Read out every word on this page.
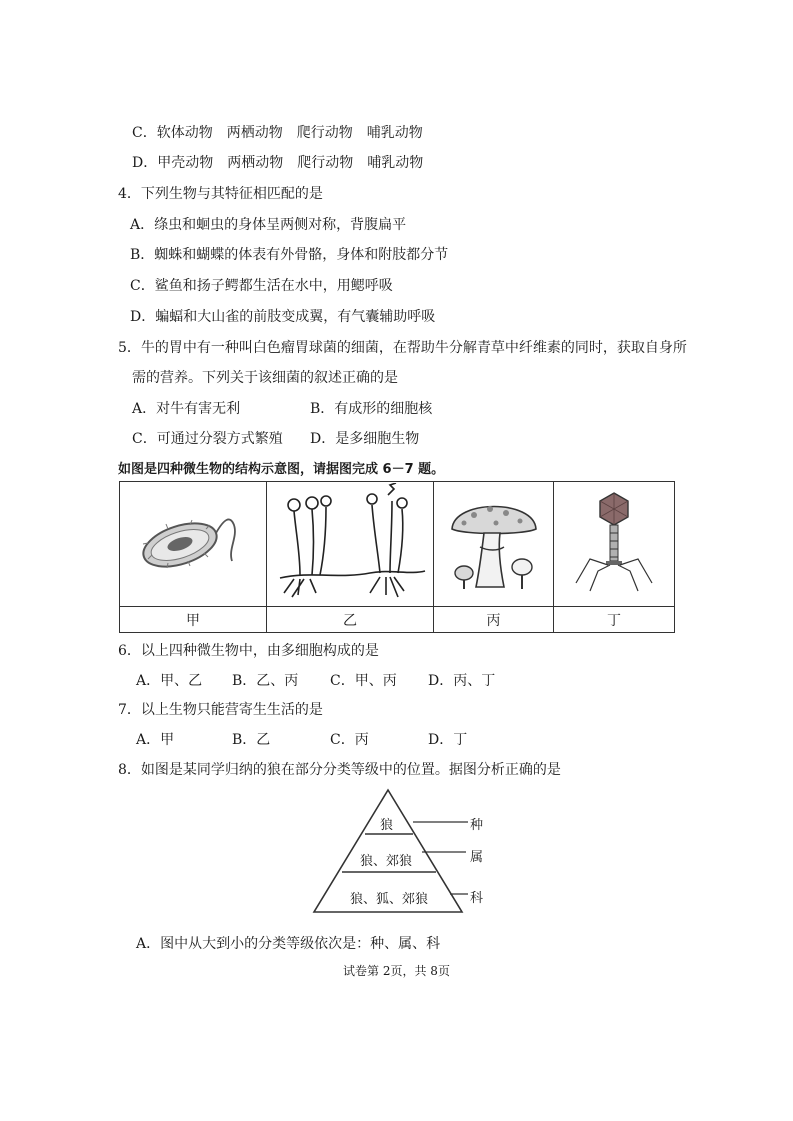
C．软体动物　两栖动物　爬行动物　哺乳动物
D．甲壳动物　两栖动物　爬行动物　哺乳动物
4．下列生物与其特征相匹配的是
A．绦虫和蛔虫的身体呈两侧对称，背腹扁平
B．蜘蛛和蝴蝶的体表有外骨骼，身体和附肢都分节
C．鲨鱼和扬子鳄都生活在水中，用鳃呼吸
D．蝙蝠和大山雀的前肢变成翼，有气囊辅助呼吸
5．牛的胃中有一种叫白色瘤胃球菌的细菌，在帮助牛分解青草中纤维素的同时，获取自身所
需的营养。下列关于该细菌的叙述正确的是
A．对牛有害无利	B．有成形的细胞核
C．可通过分裂方式繁殖 D．是多细胞生物
如图是四种微生物的结构示意图，请据图完成 6－7 题。

甲	乙	丙	丁
6．以上四种微生物中，由多细胞构成的是
A．甲、乙 B．乙、丙 C．甲、丙 D．丙、丁
7．以上生物只能营寄生生活的是
A．甲	B．乙	C．丙	D．丁
8．如图是某同学归纳的狼在部分分类等级中的位置。据图分析正确的是
狼
狼、郊狼
狼、狐、郊狼
种
属
科
A．图中从大到小的分类等级依次是：种、属、科
试卷第 2页，共 8页
